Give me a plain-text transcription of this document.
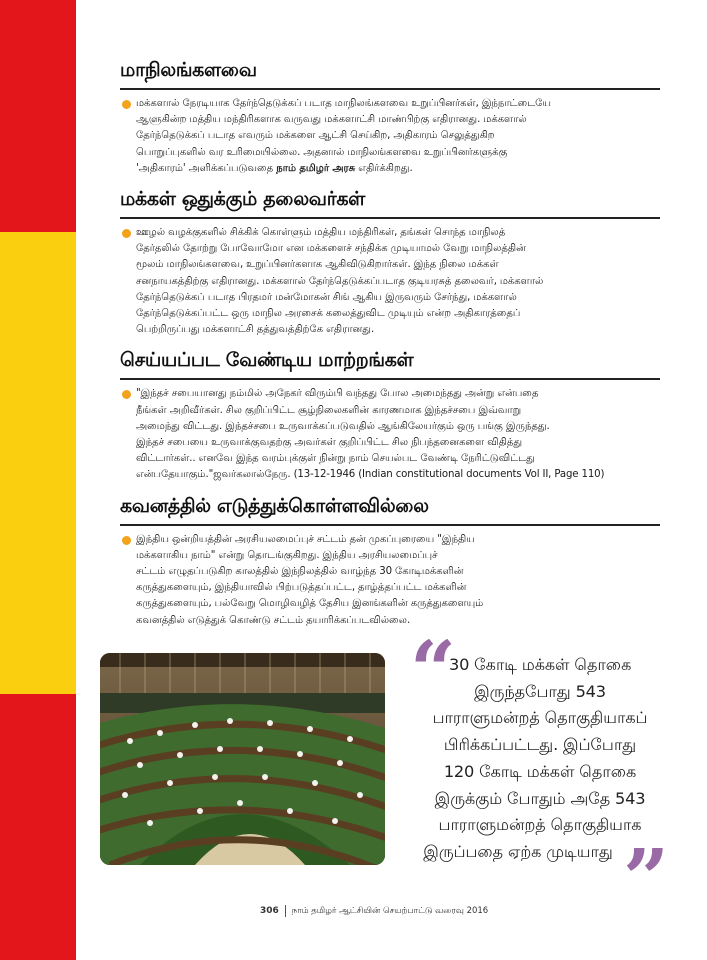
மாநிலங்களவை
மக்களால் நேரடியாக தேர்ந்தெடுக்கப் படாத மாநிலங்களவை உறுப்பினர்கள், இந்நாட்டையே
ஆளுகின்ற மத்திய மந்திரிகளாக வருவது மக்களாட்சி மாண்பிற்கு எதிரானது. மக்களால்
தேர்ந்தெடுக்கப் படாத எவரும் மக்களை ஆட்சி செய்கிற, அதிகாரம் செலுத்துகிற
பொறுப்புகளில் வர உரிமையில்லை. அதனால் மாநிலங்களவை உறுப்பினர்களுக்கு
'அதிகாரம்' அளிக்கப்படுவதை நாம் தமிழர் அரசு எதிர்க்கிறது.
மக்கள் ஒதுக்கும் தலைவர்கள்
ஊழல் வழக்குகளில் சிக்கிக் கொள்ளும் மத்திய மந்திரிகள், தங்கள் சொந்த மாநிலத்
தேர்தலில் தோற்று போவோமோ என மக்களைச் சந்திக்க முடியாமல் வேறு மாநிலத்தின்
மூலம் மாநிலங்களவை, உறுப்பினர்களாக ஆகிவிடுகிறார்கள். இந்த நிலை மக்கள்
சனநாயகத்திற்கு எதிரானது. மக்களால் தேர்ந்தெடுக்கப்படாத குடியரசுத் தலைவர், மக்களால்
தேர்ந்தெடுக்கப் படாத பிரதமர் மன்மோகன் சிங் ஆகிய இருவரும் சேர்ந்து, மக்களால்
தேர்ந்தெடுக்கப்பட்ட ஒரு மாநில அரசைக் கலைத்துவிட முடியும் என்ற அதிகாரத்தைப்
பெற்றிருப்பது மக்களாட்சி தத்துவத்திற்கே எதிரானது.
செய்யப்பட வேண்டிய மாற்றங்கள்
"இந்தச் சபையானது நம்மில் அநேகர் விரும்பி வந்தது போல அமைந்தது அன்று என்பதை
நீங்கள் அறிவீர்கள். சில குறிப்பிட்ட சூழ்நிலைகளின் காரணமாக இந்தச்சபை இவ்வாறு
அமைந்து விட்டது. இந்தச்சபை உருவாக்கப்படுவதில் ஆங்கிலேயர்கும் ஒரு பங்கு இருந்தது.
இந்தச் சபையை உருவாக்குவதற்கு அவர்கள் குறிப்பிட்ட சில நிபந்தனைகளை விதித்து
விட்டார்கள்.. எனவே இந்த வரம்புக்குள் நின்று நாம் செயல்பட வேண்டி நேரிட்டுவிட்டது
என்பதேயாகும்."ஜவர்கலால்நேரு. (13-12-1946 (Indian constitutional documents Vol II, Page 110)
கவனத்தில் எடுத்துக்கொள்ளவில்லை
இந்திய ஒன்றியத்தின் அரசியலமைப்புச் சட்டம் தன் முகப்புரையை "இந்திய
மக்களாகிய நாம்" என்று தொடங்குகிறது. இந்திய அரசியலமைப்புச்
சட்டம் எழுதப்படுகிற காலத்தில் இந்நிலத்தில் வாழ்ந்த 30 கோடிமக்களின்
கருத்துகளையும், இந்தியாவில் பிற்படுத்தப்பட்ட, தாழ்த்தப்பட்ட மக்களின்
கருத்துகளையும், பல்வேறு மொழிவழித் தேசிய இனங்களின் கருத்துகளையும்
கவனத்தில் எடுத்துக் கொண்டு சட்டம் தயாரிக்கப்படவில்லை.
“
30 கோடி மக்கள் தொகை
இருந்தபோது 543
பாராளுமன்றத் தொகுதியாகப்
பிரிக்கப்பட்டது. இப்போது
120 கோடி மக்கள் தொகை
இருக்கும் போதும் அதே 543
பாராளுமன்றத் தொகுதியாக
இருப்பதை ஏற்க முடியாது ”
306	நாம் தமிழர் ஆட்சியின் செயற்பாட்டு வரைவு 2016
